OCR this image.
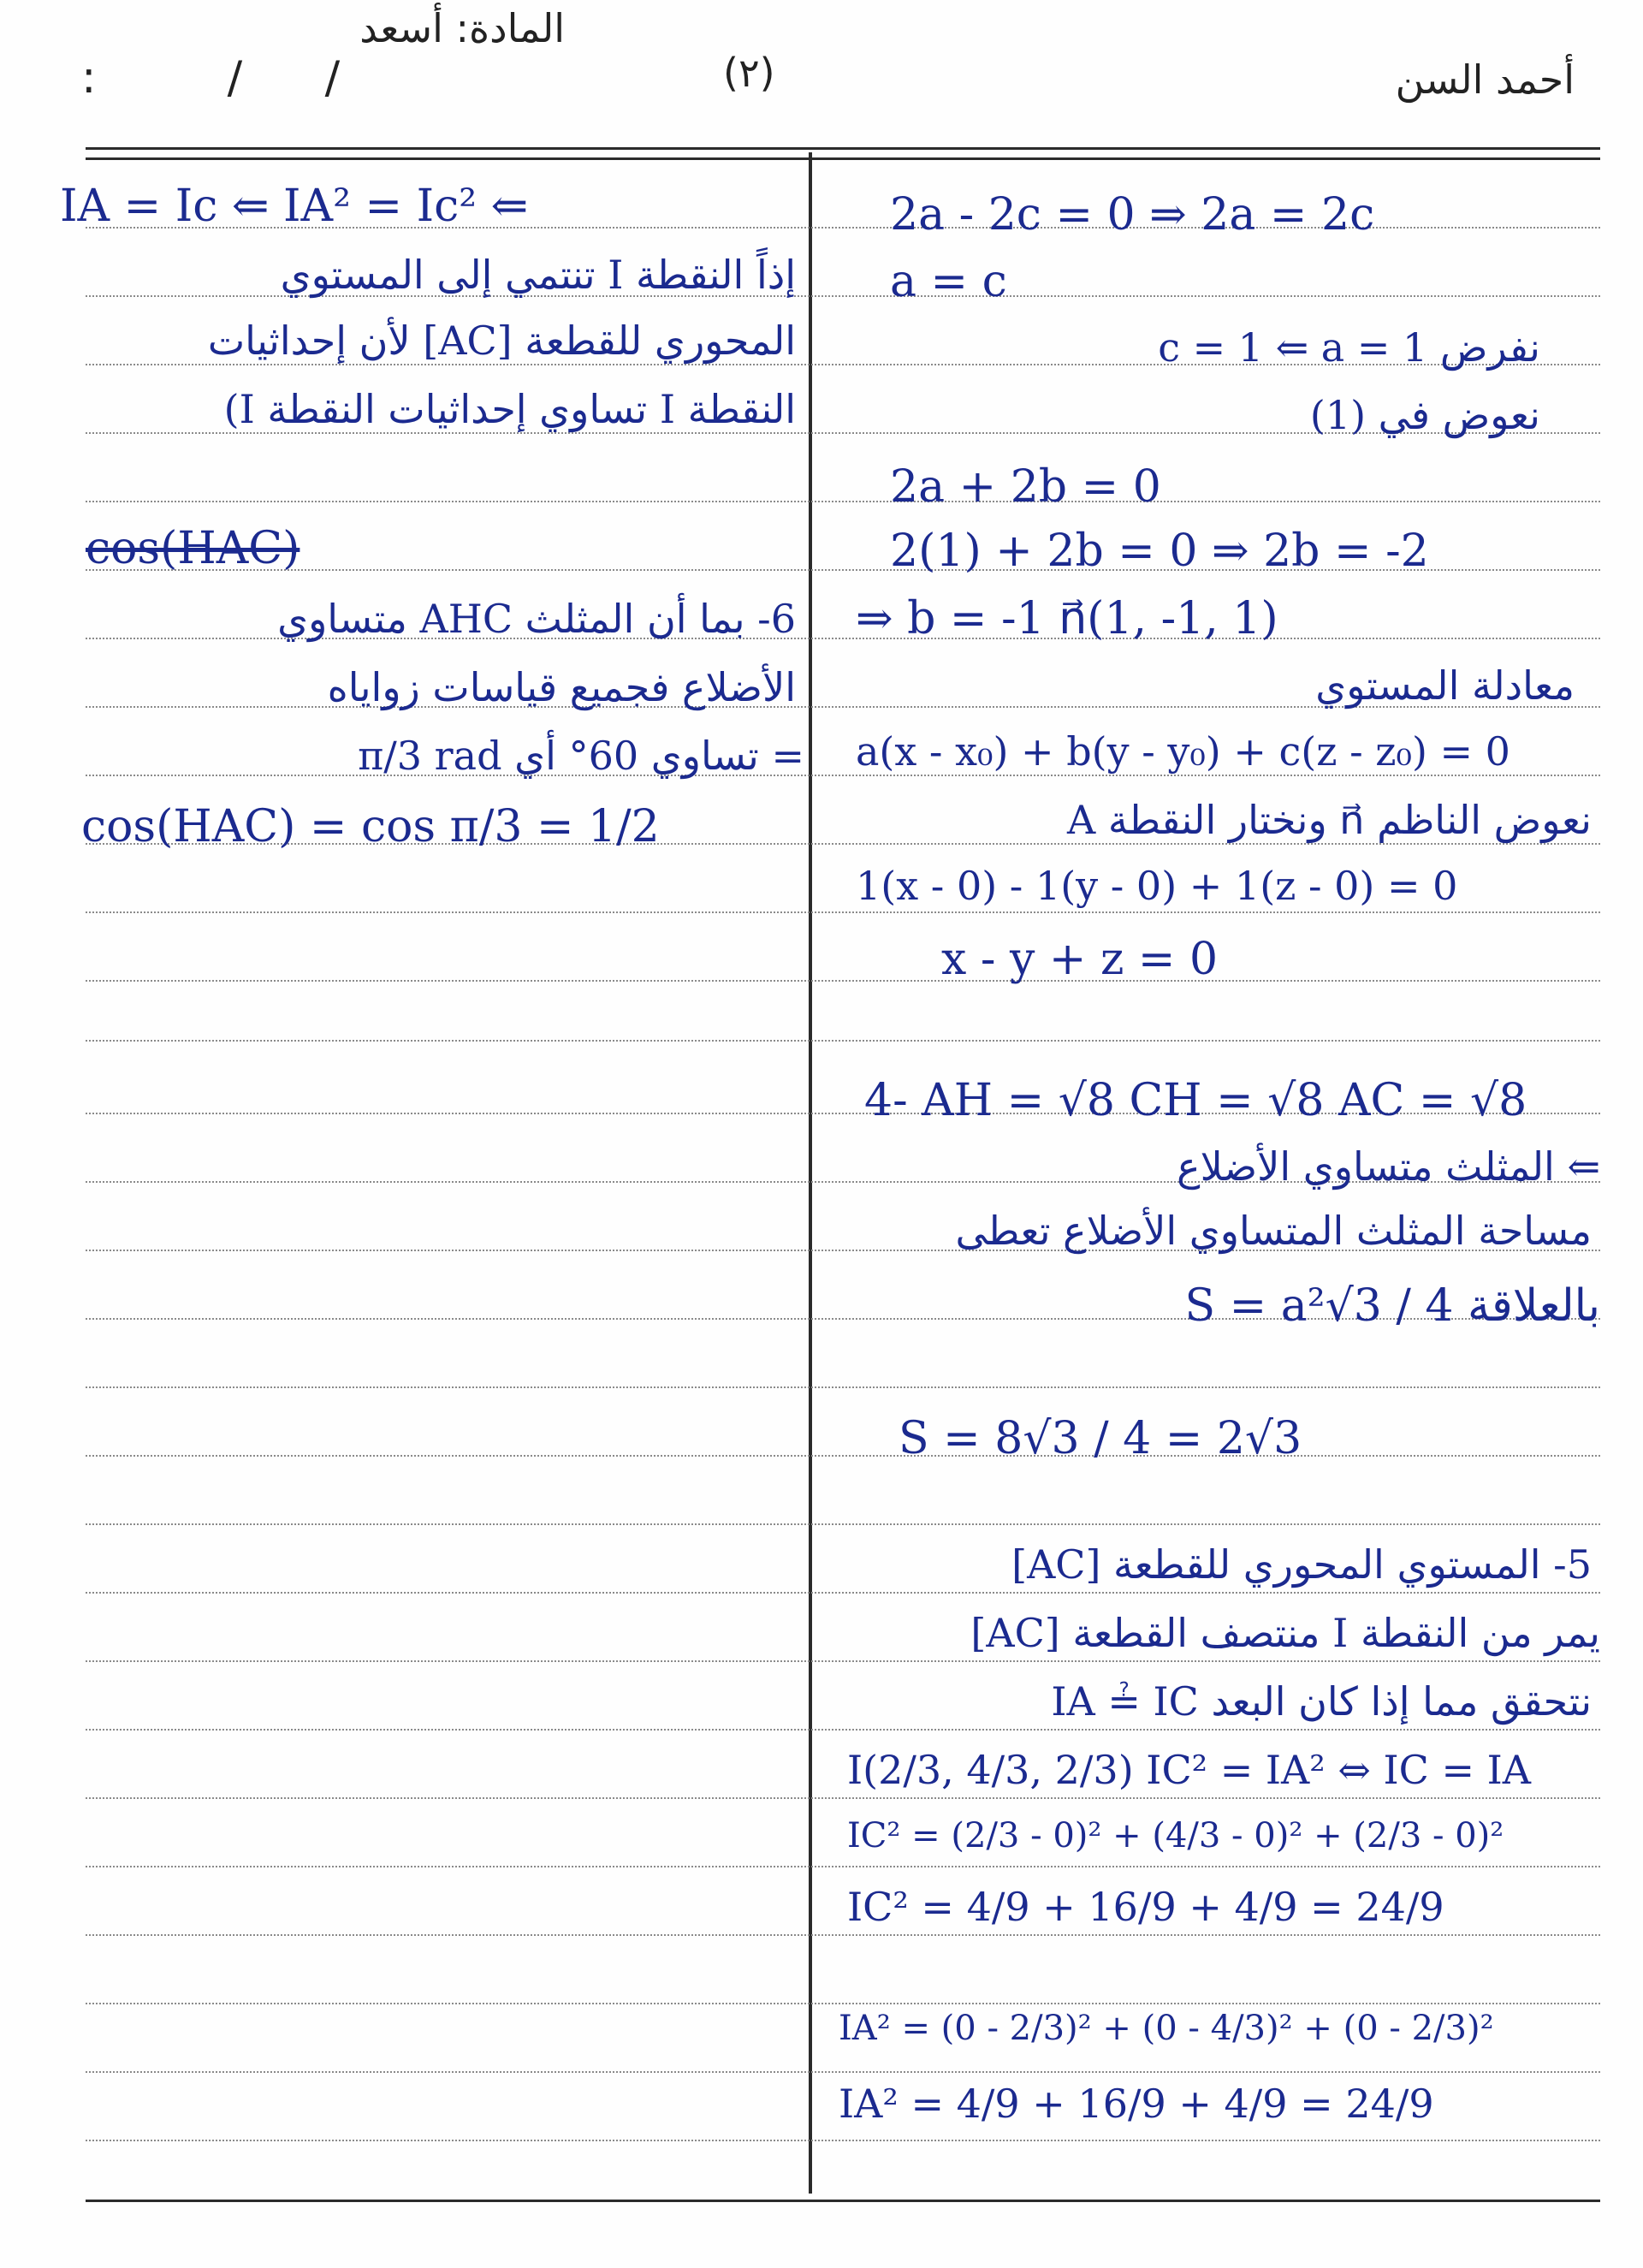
المادة: أسعد
: / /	(٢)	أحمد السن
IA = Ic ⇐ IA² = Ic² ⇐
إذاً النقطة I تنتمي إلى المستوي
المحوري للقطعة [AC] لأن إحداثيات
النقطة I تساوي إحداثيات النقطة I)
cos(HAC)
6- بما أن المثلث AHC متساوي
الأضلاع فجميع قياسات زواياه
= تساوي 60° أي π/3 rad
cos(HAC) = cos π/3 = 1/2
2a - 2c = 0 ⇒ 2a = 2c
a = c
نفرض c = 1 ⇐ a = 1
نعوض في (1)
2a + 2b = 0
2(1) + 2b = 0 ⇒ 2b = -2
⇒ b = -1 n⃗(1, -1, 1)
معادلة المستوي
a(x - x₀) + b(y - y₀) + c(z - z₀) = 0
نعوض الناظم n⃗ ونختار النقطة A
1(x - 0) - 1(y - 0) + 1(z - 0) = 0
x - y + z = 0
4- AH = √8 CH = √8 AC = √8
⇐ المثلث متساوي الأضلاع
مساحة المثلث المتساوي الأضلاع تعطى
بالعلاقة S = a²√3 / 4
S = 8√3 / 4 = 2√3
5- المستوي المحوري للقطعة [AC]
يمر من النقطة I منتصف القطعة [AC]
نتحقق مما إذا كان البعد IA ≟ IC
I(2/3, 4/3, 2/3) IC² = IA² ⇔ IC = IA
IC² = (2/3 - 0)² + (4/3 - 0)² + (2/3 - 0)²
IC² = 4/9 + 16/9 + 4/9 = 24/9
IA² = (0 - 2/3)² + (0 - 4/3)² + (0 - 2/3)²
IA² = 4/9 + 16/9 + 4/9 = 24/9
